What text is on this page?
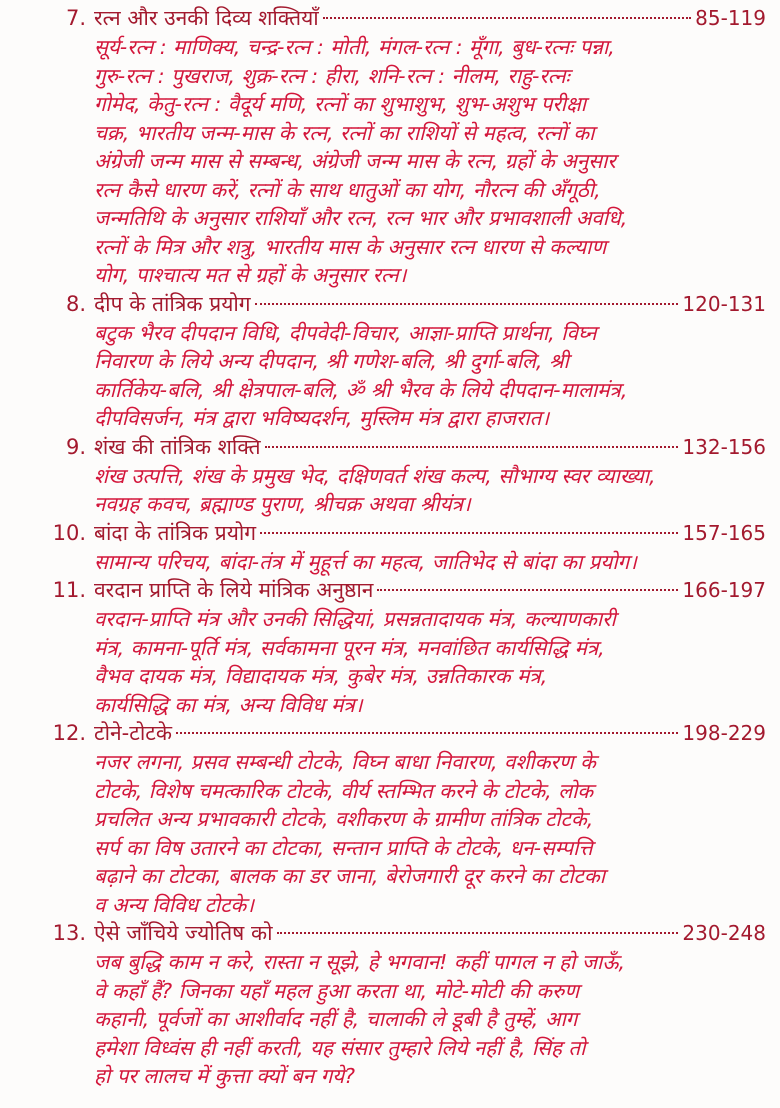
7. रत्न और उनकी दिव्य शक्तियाँ	85-119
सूर्य-रत्न : माणिक्य, चन्द्र-रत्न : मोती, मंगल-रत्न : मूँगा, बुध-रत्नः पन्ना,
गुरु-रत्न : पुखराज, शुक्र-रत्न : हीरा, शनि-रत्न : नीलम, राहु-रत्नः
गोमेद, केतु-रत्न : वैदूर्य मणि, रत्नों का शुभाशुभ, शुभ-अशुभ परीक्षा
चक्र, भारतीय जन्म-मास के रत्न, रत्नों का राशियों से महत्व, रत्नों का
अंग्रेजी जन्म मास से सम्बन्ध, अंग्रेजी जन्म मास के रत्न, ग्रहों के अनुसार
रत्न कैसे धारण करें, रत्नों के साथ धातुओं का योग, नौरत्न की अँगूठी,
जन्मतिथि के अनुसार राशियाँ और रत्न, रत्न भार और प्रभावशाली अवधि,
रत्नों के मित्र और शत्रु, भारतीय मास के अनुसार रत्न धारण से कल्याण
योग, पाश्चात्य मत से ग्रहों के अनुसार रत्न।
8. दीप के तांत्रिक प्रयोग	120-131
बटुक भैरव दीपदान विधि, दीपवेदी-विचार, आज्ञा-प्राप्ति प्रार्थना, विघ्न
निवारण के लिये अन्य दीपदान, श्री गणेश-बलि, श्री दुर्गा-बलि, श्री
कार्तिकेय-बलि, श्री क्षेत्रपाल-बलि, ॐ श्री भैरव के लिये दीपदान-मालामंत्र,
दीपविसर्जन, मंत्र द्वारा भविष्यदर्शन, मुस्लिम मंत्र द्वारा हाजरात।
9. शंख की तांत्रिक शक्ति	132-156
शंख उत्पत्ति, शंख के प्रमुख भेद, दक्षिणवर्त शंख कल्प, सौभाग्य स्वर व्याख्या,
नवग्रह कवच, ब्रह्माण्ड पुराण, श्रीचक्र अथवा श्रीयंत्र।
10. बांदा के तांत्रिक प्रयोग	157-165
सामान्य परिचय, बांदा-तंत्र में मुहूर्त्त का महत्व, जातिभेद से बांदा का प्रयोग।
11. वरदान प्राप्ति के लिये मांत्रिक अनुष्ठान	166-197
वरदान-प्राप्ति मंत्र और उनकी सिद्धियां, प्रसन्नतादायक मंत्र, कल्याणकारी
मंत्र, कामना-पूर्ति मंत्र, सर्वकामना पूरन मंत्र, मनवांछित कार्यसिद्धि मंत्र,
वैभव दायक मंत्र, विद्यादायक मंत्र, कुबेर मंत्र, उन्नतिकारक मंत्र,
कार्यसिद्धि का मंत्र, अन्य विविध मंत्र।
12. टोने-टोटके	198-229
नजर लगना, प्रसव सम्बन्धी टोटके, विघ्न बाधा निवारण, वशीकरण के
टोटके, विशेष चमत्कारिक टोटके, वीर्य स्तम्भित करने के टोटके, लोक
प्रचलित अन्य प्रभावकारी टोटके, वशीकरण के ग्रामीण तांत्रिक टोटके,
सर्प का विष उतारने का टोटका, सन्तान प्राप्ति के टोटके, धन-सम्पत्ति
बढ़ाने का टोटका, बालक का डर जाना, बेरोजगारी दूर करने का टोटका
व अन्य विविध टोटके।
13. ऐसे जाँचिये ज्योतिष को	230-248
जब बुद्धि काम न करे, रास्ता न सूझे, हे भगवान! कहीं पागल न हो जाऊँ,
वे कहाँ हैं? जिनका यहाँ महल हुआ करता था, मोटे-मोटी की करुण
कहानी, पूर्वजों का आशीर्वाद नहीं है, चालाकी ले डूबी है तुम्हें, आग
हमेशा विध्वंस ही नहीं करती, यह संसार तुम्हारे लिये नहीं है, सिंह तो
हो पर लालच में कुत्ता क्यों बन गये?
